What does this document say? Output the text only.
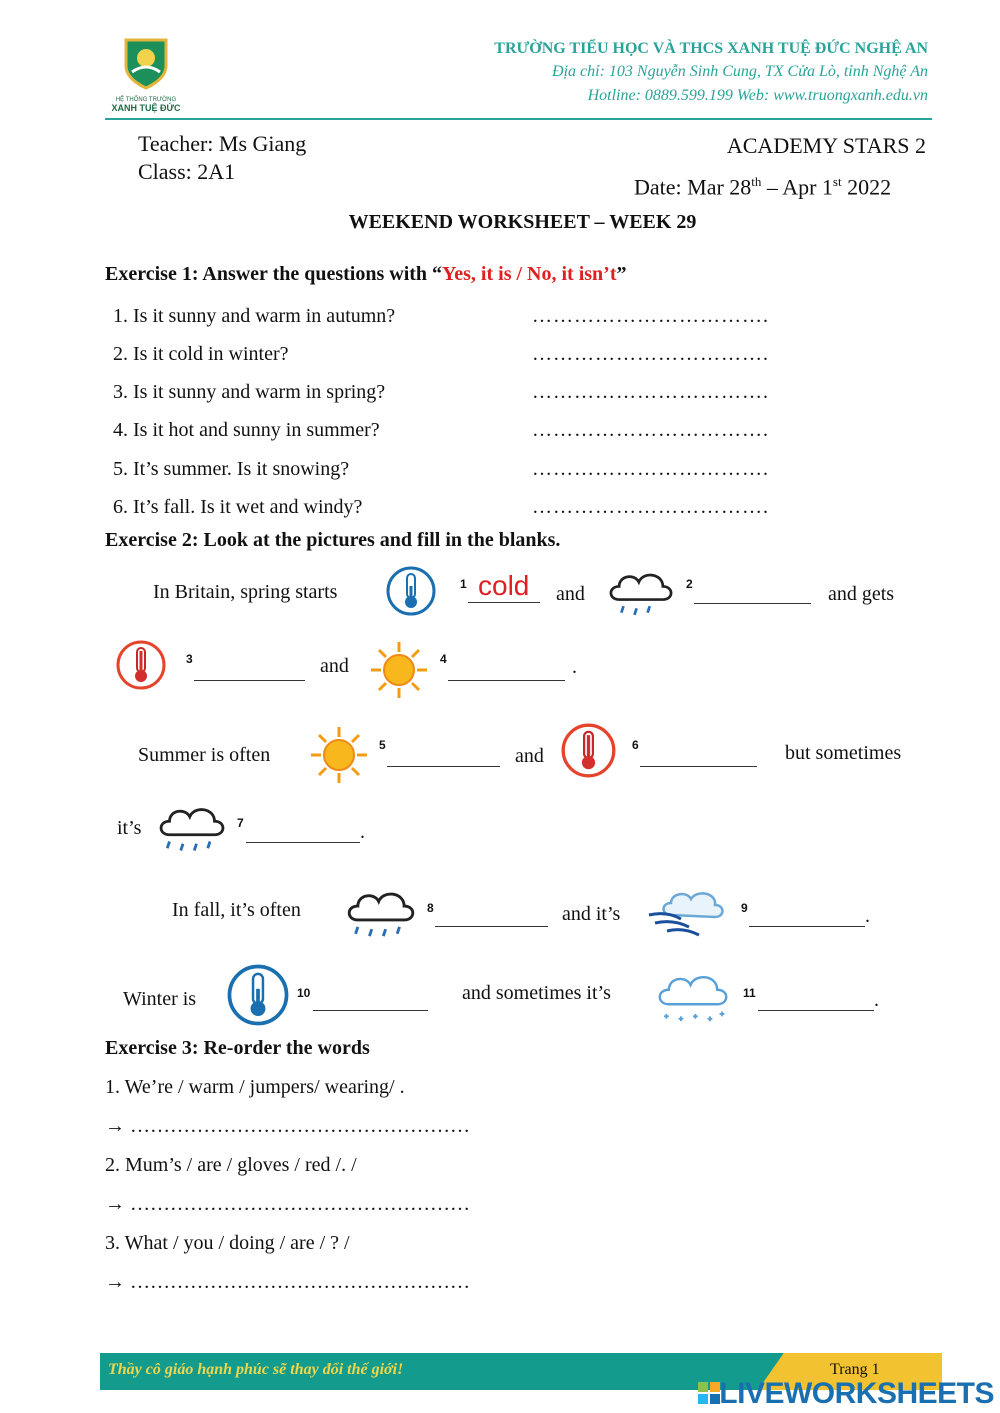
HỆ THỐNG TRƯỜNG
XANH TUỆ ĐỨC
TRƯỜNG TIỂU HỌC VÀ THCS XANH TUỆ ĐỨC NGHỆ AN
Địa chỉ: 103 Nguyễn Sinh Cung, TX Cửa Lò, tỉnh Nghệ An
Hotline: 0889.599.199 Web: www.truongxanh.edu.vn
Teacher: Ms Giang
Class: 2A1
ACADEMY STARS 2
Date: Mar 28th – Apr 1st 2022
WEEKEND WORKSHEET – WEEK 29
Exercise 1: Answer the questions with “Yes, it is / No, it isn’t”
1. Is it sunny and warm in autumn?	…………………………….
2. Is it cold in winter?	…………………………….
3. Is it sunny and warm in spring?	…………………………….
4. Is it hot and sunny in summer?	…………………………….
5. It’s summer. Is it snowing?	…………………………….
6. It’s fall. Is it wet and windy?	…………………………….
Exercise 2: Look at the pictures and fill in the blanks.
In Britain, spring starts	1 cold and	2	and gets
3	and	4	.
Summer is often	5	and	6	but sometimes
it’s	7	.
In fall, it’s often	8	and it’s	9	.
Winter is	10	and sometimes it’s	11	.
Exercise 3: Re-order the words
1. We’re / warm / jumpers/ wearing/ .
→ ……………………………………………
2. Mum’s / are / gloves / red /. /
→ ……………………………………………
3. What / you / doing / are / ? /
→ ……………………………………………
Thầy cô giáo hạnh phúc sẽ thay đổi thế giới!	Trang 1
LIVEWORKSHEETS
